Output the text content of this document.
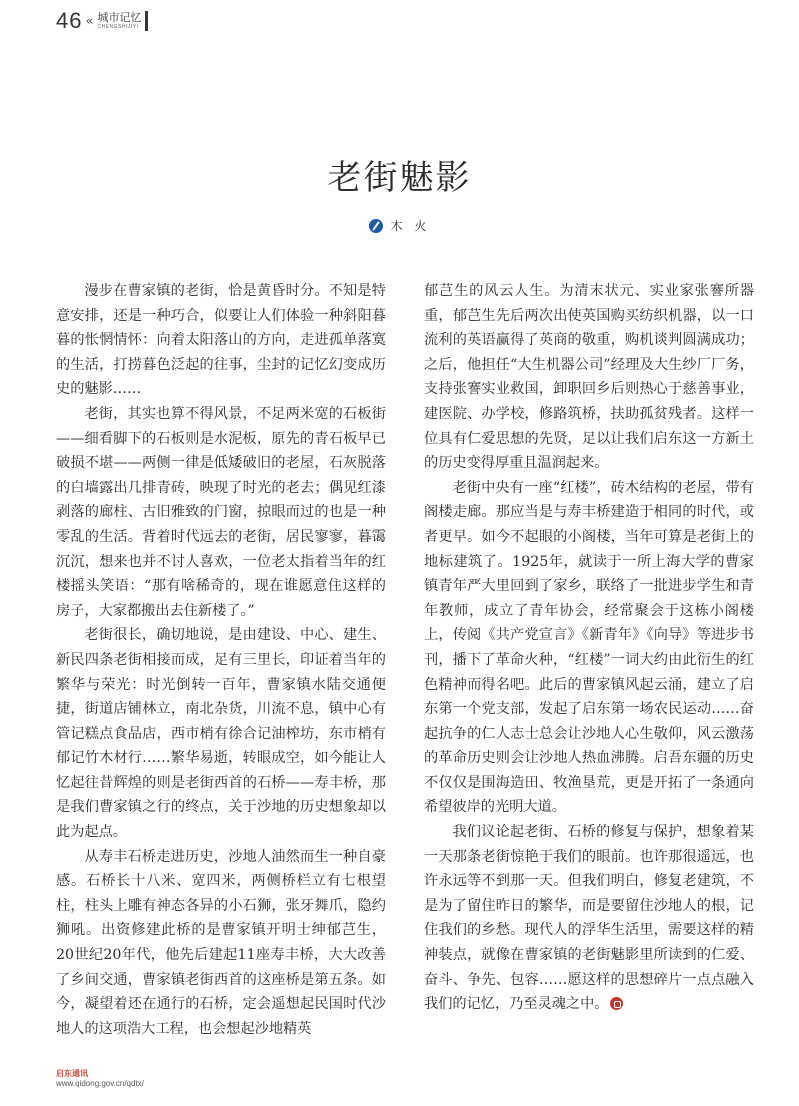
46 « 城市记忆
CHENGSHIJIYI
老街魅影
木 火

漫步在曹家镇的老街，恰是黄昏时分。不知是特意安排，还是一种巧合，似要让人们体验一种斜阳暮暮的怅惘情怀：向着太阳落山的方向，走进孤单落寞的生活，打捞暮色泛起的往事，尘封的记忆幻变成历史的魅影……

老街，其实也算不得风景，不足两米宽的石板街——细看脚下的石板则是水泥板，原先的青石板早已破损不堪——两侧一律是低矮破旧的老屋，石灰脱落的白墙露出几排青砖，映现了时光的老去；偶见红漆剥落的廊柱、古旧雅致的门窗，掠眼而过的也是一种零乱的生活。背着时代远去的老街，居民寥寥，暮霭沉沉，想来也并不讨人喜欢，一位老太指着当年的红楼摇头笑语：“那有啥稀奇的，现在谁愿意住这样的房子，大家都搬出去住新楼了。”

老街很长，确切地说，是由建设、中心、建生、新民四条老街相接而成，足有三里长，印证着当年的繁华与荣光：时光倒转一百年，曹家镇水陆交通便捷，街道店铺林立，南北杂货，川流不息，镇中心有管记糕点食品店，西市梢有徐合记油榨坊，东市梢有郁记竹木材行……繁华易逝，转眼成空，如今能让人忆起往昔辉煌的则是老街西首的石桥——寿丰桥，那是我们曹家镇之行的终点，关于沙地的历史想象却以此为起点。

从寿丰石桥走进历史，沙地人油然而生一种自豪感。石桥长十八米、宽四米，两侧桥栏立有七根望柱，柱头上雕有神态各异的小石狮，张牙舞爪，隐约狮吼。出资修建此桥的是曹家镇开明士绅郁芑生，20世纪20年代，他先后建起11座寿丰桥，大大改善了乡间交通，曹家镇老街西首的这座桥是第五条。如今，凝望着还在通行的石桥，定会遥想起民国时代沙地人的这项浩大工程，也会想起沙地精英

郁芑生的风云人生。为清末状元、实业家张謇所器重，郁芑生先后两次出使英国购买纺织机器，以一口流利的英语赢得了英商的敬重，购机谈判圆满成功；之后，他担任“大生机器公司”经理及大生纱厂厂务，支持张謇实业救国，卸职回乡后则热心于慈善事业，建医院、办学校，修路筑桥，扶助孤贫残者。这样一位具有仁爱思想的先贤，足以让我们启东这一方新土的历史变得厚重且温润起来。

老街中央有一座“红楼”，砖木结构的老屋，带有阁楼走廊。那应当是与寿丰桥建造于相同的时代，或者更早。如今不起眼的小阁楼，当年可算是老街上的地标建筑了。1925年，就读于一所上海大学的曹家镇青年严大里回到了家乡，联络了一批进步学生和青年教师，成立了青年协会，经常聚会于这栋小阁楼上，传阅《共产党宣言》《新青年》《向导》等进步书刊，播下了革命火种，“红楼”一词大约由此衍生的红色精神而得名吧。此后的曹家镇风起云涌，建立了启东第一个党支部，发起了启东第一场农民运动……奋起抗争的仁人志士总会让沙地人心生敬仰，风云激荡的革命历史则会让沙地人热血沸腾。启吾东疆的历史不仅仅是围海造田、牧渔垦荒，更是开拓了一条通向希望彼岸的光明大道。

我们议论起老街、石桥的修复与保护，想象着某一天那条老街惊艳于我们的眼前。也许那很遥远，也许永远等不到那一天。但我们明白，修复老建筑，不是为了留住昨日的繁华，而是要留住沙地人的根，记住我们的乡愁。现代人的浮华生活里，需要这样的精神装点，就像在曹家镇的老街魅影里所读到的仁爱、奋斗、争先、包容……愿这样的思想碎片一点点融入我们的记忆，乃至灵魂之中。

启东通讯
www.qidong.gov.cn/qdtx/
